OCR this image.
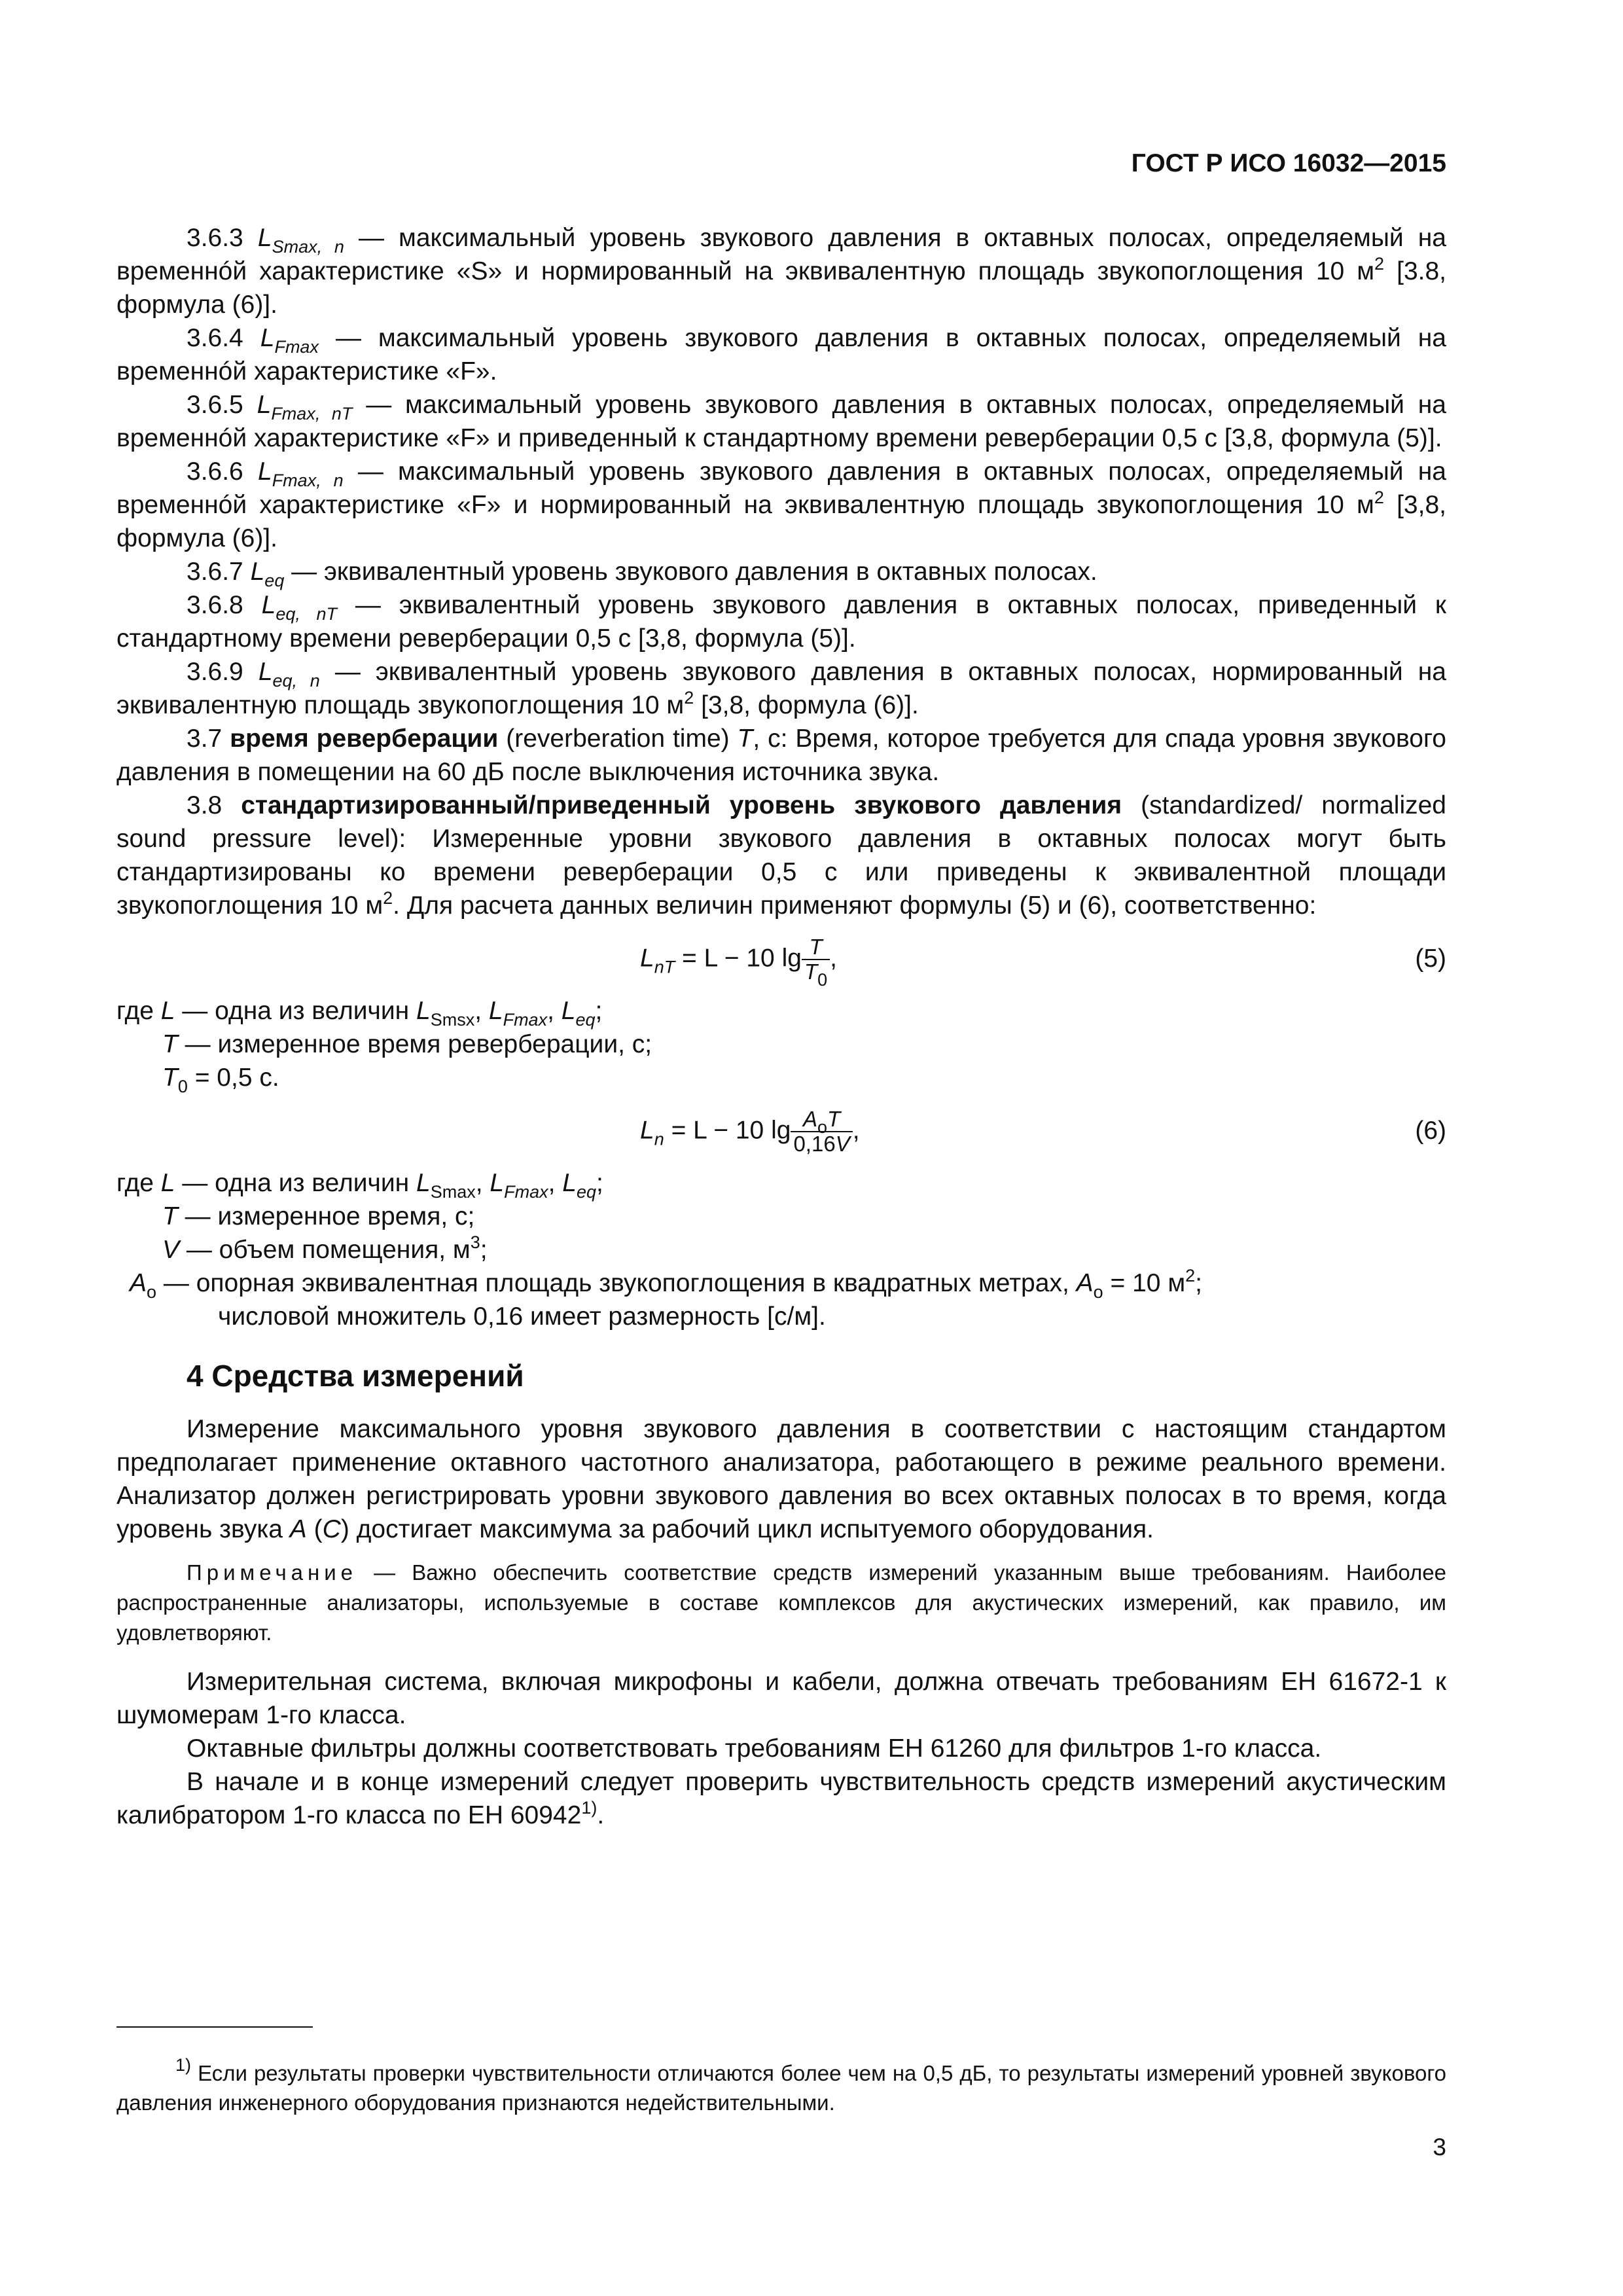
ГОСТ Р ИСО 16032—2015

3.6.3 $L_{Smax, n}$ — максимальный уровень звукового давления в октавных полосах, определяемый на временнóй характеристике «S» и нормированный на эквивалентную площадь звукопоглощения 10 $м^2$ [3.8, формула (6)].

3.6.4 $L_{Fmax}$ — максимальный уровень звукового давления в октавных полосах, определяемый на временнóй характеристике «F».

3.6.5 $L_{Fmax, nT}$ — максимальный уровень звукового давления в октавных полосах, определяемый на временнóй характеристике «F» и приведенный к стандартному времени реверберации 0,5 с [3,8, формула (5)].

3.6.6 $L_{Fmax, n}$ — максимальный уровень звукового давления в октавных полосах, определяемый на временнóй характеристике «F» и нормированный на эквивалентную площадь звукопоглощения 10 $м^2$ [3,8, формула (6)].

3.6.7 $L_{eq}$ — эквивалентный уровень звукового давления в октавных полосах.

3.6.8 $L_{eq, nT}$ — эквивалентный уровень звукового давления в октавных полосах, приведенный к стандартному времени реверберации 0,5 с [3,8, формула (5)].

3.6.9 $L_{eq, n}$ — эквивалентный уровень звукового давления в октавных полосах, нормированный на эквивалентную площадь звукопоглощения 10 $м^2$ [3,8, формула (6)].

3.7 время реверберации (reverberation time) T, с: Время, которое требуется для спада уровня звукового давления в помещении на 60 дБ после выключения источника звука.

3.8 стандартизированный/приведенный уровень звукового давления (standardized/ normalized sound pressure level): Измеренные уровни звукового давления в октавных полосах могут быть стандартизированы ко времени реверберации 0,5 с или приведены к эквивалентной площади звукопоглощения 10 $м^2$. Для расчета данных величин применяют формулы (5) и (6), соответственно:

$L_{nT} = L - 10$ $\lg \frac{T}{T_0}$ ,	(5)

где L — одна из величин $L_{Smsx}$, $L_{Fmax}$, $L_{eq}$;

T — измеренное время реверберации, с;

$T_0 = 0,5$ с.

$L_n = L - 10$ $\lg \frac{A_oT}{0,16V}$ ,	(6)

где L — одна из величин $L_{Smax}$, $L_{Fmax}$, $L_{eq}$;

T — измеренное время, с;

V — объем помещения, $м^3$;

$A_o$ — опорная эквивалентная площадь звукопоглощения в квадратных метрах, $A_o = 10$ $м^2$;

числовой множитель 0,16 имеет размерность [с/м].

4 Средства измерений

Измерение максимального уровня звукового давления в соответствии с настоящим стандартом предполагает применение октавного частотного анализатора, работающего в режиме реального времени. Анализатор должен регистрировать уровни звукового давления во всех октавных полосах в то время, когда уровень звука A (C) достигает максимума за рабочий цикл испытуемого оборудования.

Примечание — Важно обеспечить соответствие средств измерений указанным выше требованиям. Наиболее распространенные анализаторы, используемые в составе комплексов для акустических измерений, как правило, им удовлетворяют.

Измерительная система, включая микрофоны и кабели, должна отвечать требованиям ЕН 61672-1 к шумомерам 1-го класса.

Октавные фильтры должны соответствовать требованиям ЕН 61260 для фильтров 1-го класса.

В начале и в конце измерений следует проверить чувствительность средств измерений акустическим калибратором 1-го класса по ЕН 60942$^{1)}$.

$^{1)}$ Если результаты проверки чувствительности отличаются более чем на 0,5 дБ, то результаты измерений уровней звукового давления инженерного оборудования признаются недействительными.

3
